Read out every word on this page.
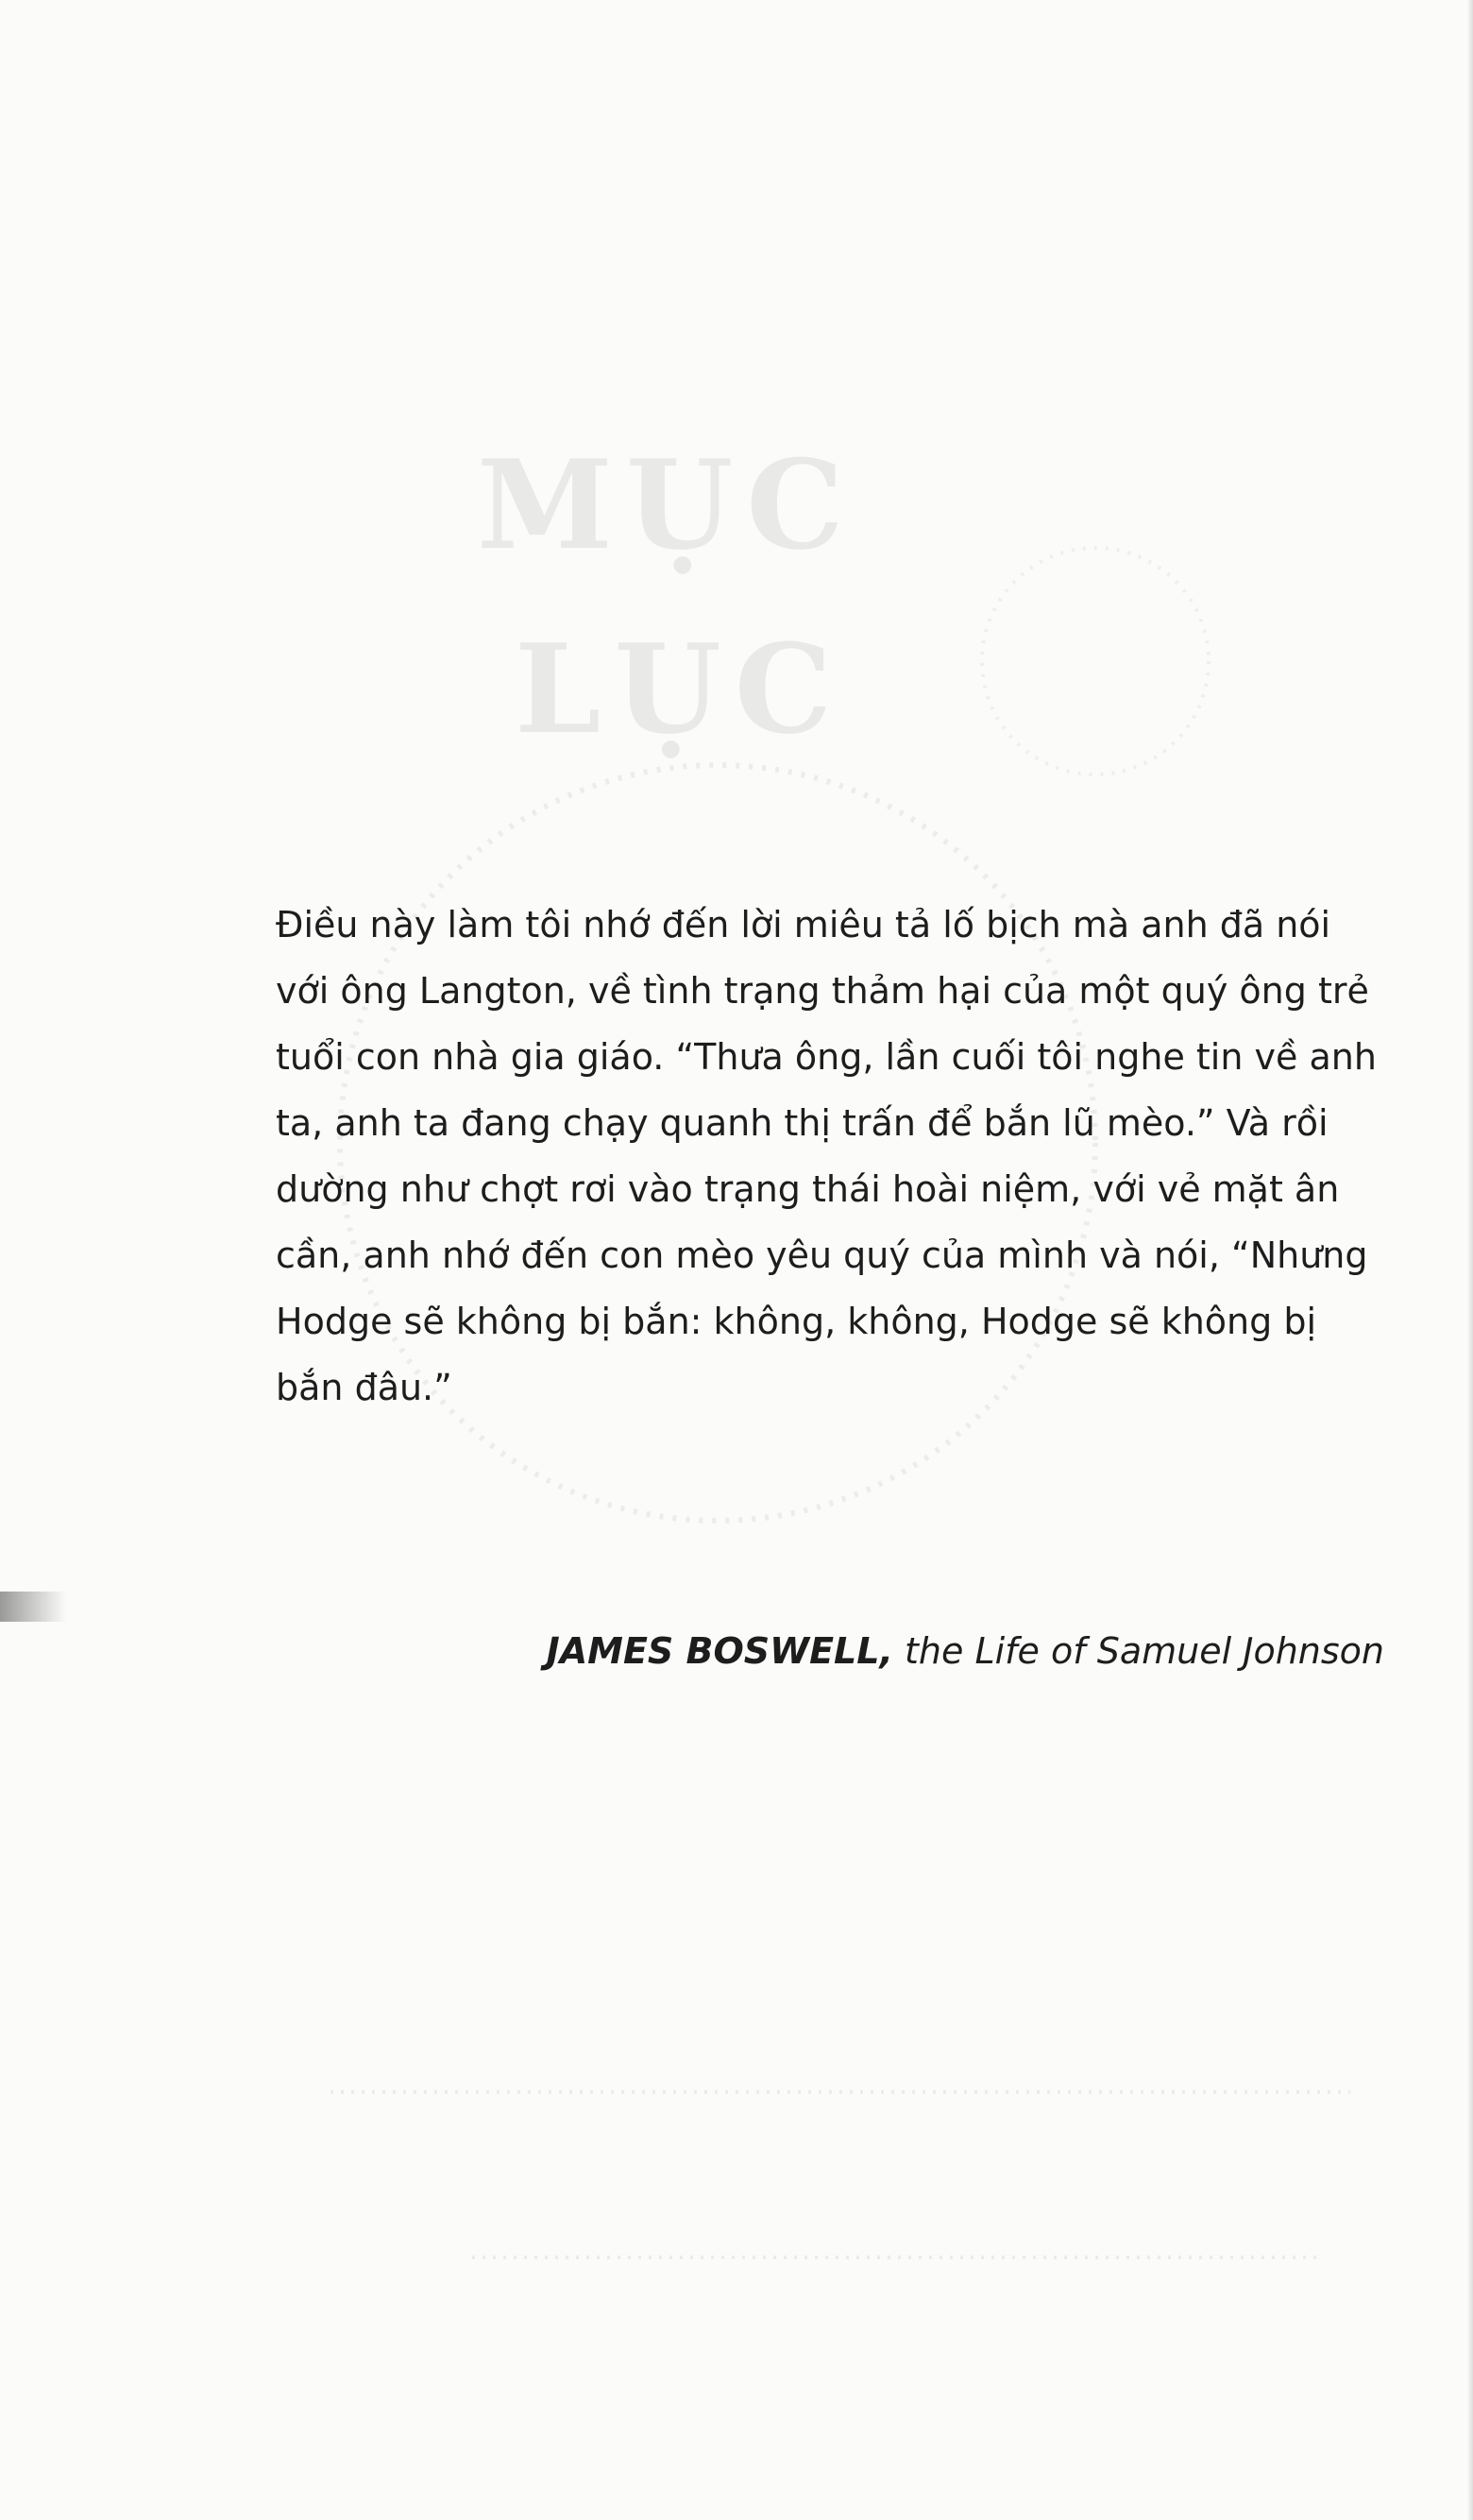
MỤC
LỤC

Điều này làm tôi nhớ đến lời miêu tả lố bịch mà anh đã nói
với ông Langton, về tình trạng thảm hại của một quý ông trẻ
tuổi con nhà gia giáo. “Thưa ông, lần cuối tôi nghe tin về anh
ta, anh ta đang chạy quanh thị trấn để bắn lũ mèo.” Và rồi
dường như chợt rơi vào trạng thái hoài niệm, với vẻ mặt ân
cần, anh nhớ đến con mèo yêu quý của mình và nói, “Nhưng
Hodge sẽ không bị bắn: không, không, Hodge sẽ không bị
bắn đâu.”

JAMES BOSWELL, the Life of Samuel Johnson
